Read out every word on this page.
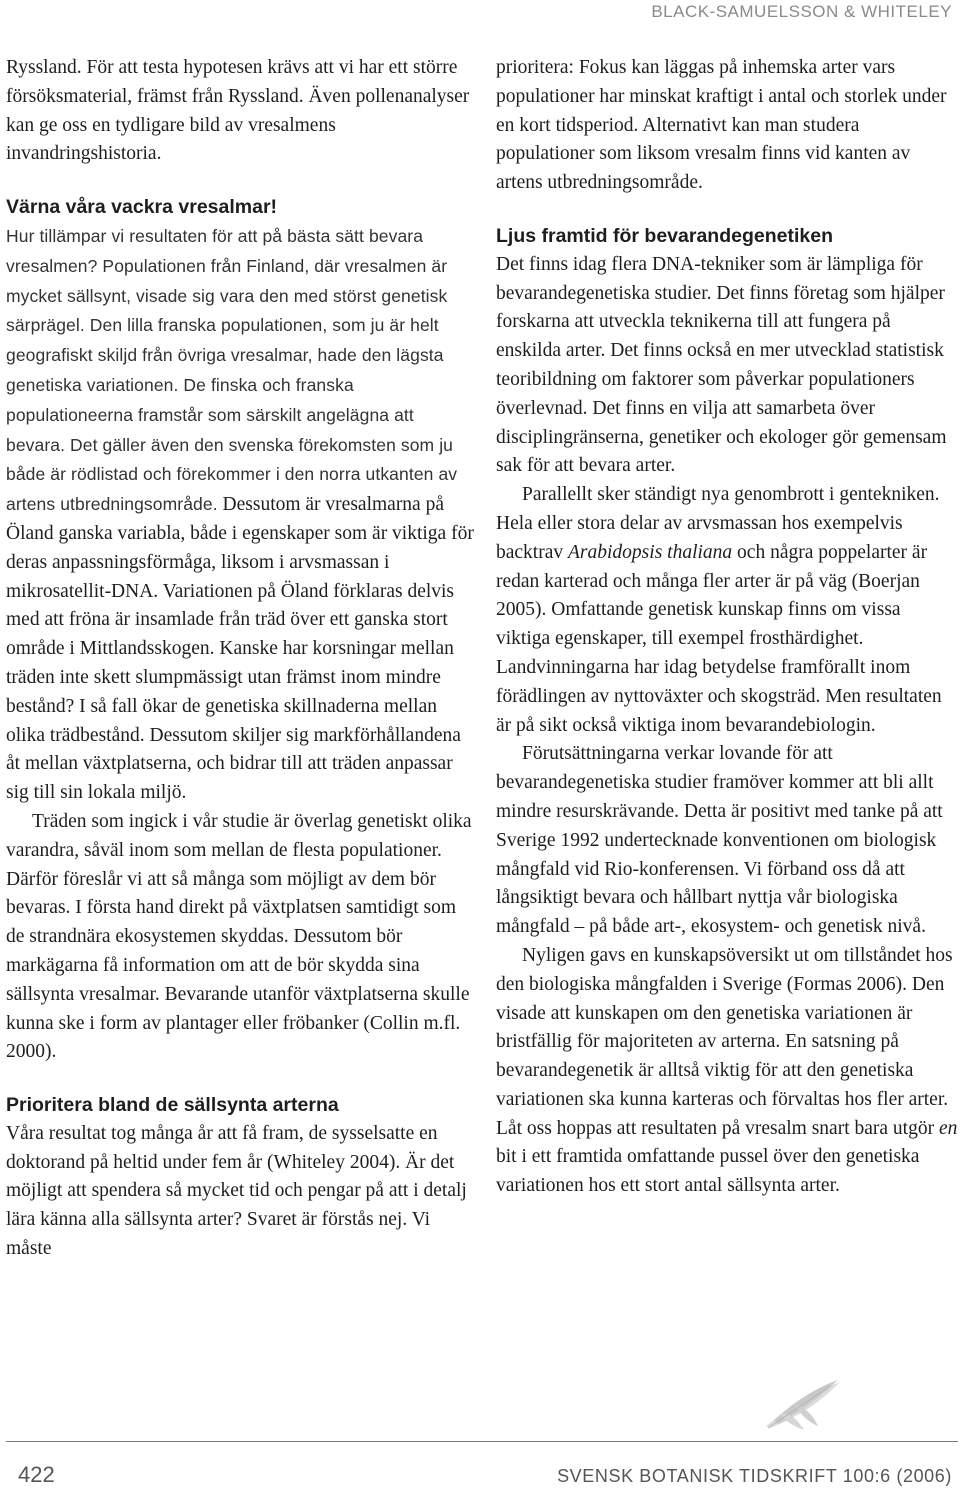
BLACK-SAMUELSSON & WHITELEY

Ryssland. För att testa hypotesen krävs att vi har ett större försöksmaterial, främst från Ryssland. Även pollenanalyser kan ge oss en tydligare bild av vresalmens invandringshistoria.

Värna våra vackra vresalmar!

Hur tillämpar vi resultaten för att på bästa sätt bevara vresalmen? Populationen från Finland, där vresalmen är mycket sällsynt, visade sig vara den med störst genetisk särprägel. Den lilla franska populationen, som ju är helt geografiskt skiljd från övriga vresalmar, hade den lägsta genetiska variationen. De finska och franska populationeerna framstår som särskilt angelägna att bevara. Det gäller även den svenska förekomsten som ju både är rödlistad och förekommer i den norra utkanten av artens utbredningsområde. Dessutom är vresalmarna på Öland ganska variabla, både i egenskaper som är viktiga för deras anpassningsförmåga, liksom i arvsmassan i mikrosatellit-DNA. Variationen på Öland förklaras delvis med att fröna är insamlade från träd över ett ganska stort område i Mittlandsskogen. Kanske har korsningar mellan träden inte skett slumpmässigt utan främst inom mindre bestånd? I så fall ökar de genetiska skillnaderna mellan olika trädbestånd. Dessutom skiljer sig markförhållandena åt mellan växtplatserna, och bidrar till att träden anpassar sig till sin lokala miljö.

Träden som ingick i vår studie är överlag genetiskt olika varandra, såväl inom som mellan de flesta populationer. Därför föreslår vi att så många som möjligt av dem bör bevaras. I första hand direkt på växtplatsen samtidigt som de strandnära ekosystemen skyddas. Dessutom bör markägarna få information om att de bör skydda sina sällsynta vresalmar. Bevarande utanför växtplatserna skulle kunna ske i form av plantager eller fröbanker (Collin m.fl. 2000).

Prioritera bland de sällsynta arterna

Våra resultat tog många år att få fram, de sysselsatte en doktorand på heltid under fem år (Whiteley 2004). Är det möjligt att spendera så mycket tid och pengar på att i detalj lära känna alla sällsynta arter? Svaret är förstås nej. Vi måste

prioritera: Fokus kan läggas på inhemska arter vars populationer har minskat kraftigt i antal och storlek under en kort tidsperiod. Alternativt kan man studera populationer som liksom vresalm finns vid kanten av artens utbredningsområde.

Ljus framtid för bevarandegenetiken

Det finns idag flera DNA-tekniker som är lämpliga för bevarandegenetiska studier. Det finns företag som hjälper forskarna att utveckla teknikerna till att fungera på enskilda arter. Det finns också en mer utvecklad statistisk teoribildning om faktorer som påverkar populationers överlevnad. Det finns en vilja att samarbeta över disciplingränserna, genetiker och ekologer gör gemensam sak för att bevara arter.

Parallellt sker ständigt nya genombrott i gentekniken. Hela eller stora delar av arvsmassan hos exempelvis backtrav Arabidopsis thaliana och några poppelarter är redan karterad och många fler arter är på väg (Boerjan 2005). Omfattande genetisk kunskap finns om vissa viktiga egenskaper, till exempel frosthärdighet. Landvinningarna har idag betydelse framförallt inom förädlingen av nyttoväxter och skogsträd. Men resultaten är på sikt också viktiga inom bevarandebiologin.

Förutsättningarna verkar lovande för att bevarandegenetiska studier framöver kommer att bli allt mindre resurskrävande. Detta är positivt med tanke på att Sverige 1992 undertecknade konventionen om biologisk mångfald vid Rio-konferensen. Vi förband oss då att långsiktigt bevara och hållbart nyttja vår biologiska mångfald – på både art-, ekosystem- och genetisk nivå.

Nyligen gavs en kunskapsöversikt ut om tillståndet hos den biologiska mångfalden i Sverige (Formas 2006). Den visade att kunskapen om den genetiska variationen är bristfällig för majoriteten av arterna. En satsning på bevarandegenetik är alltså viktig för att den genetiska variationen ska kunna karteras och förvaltas hos fler arter. Låt oss hoppas att resultaten på vresalm snart bara utgör en bit i ett framtida omfattande pussel över den genetiska variationen hos ett stort antal sällsynta arter.

422	SVENSK BOTANISK TIDSKRIFT 100:6 (2006)
